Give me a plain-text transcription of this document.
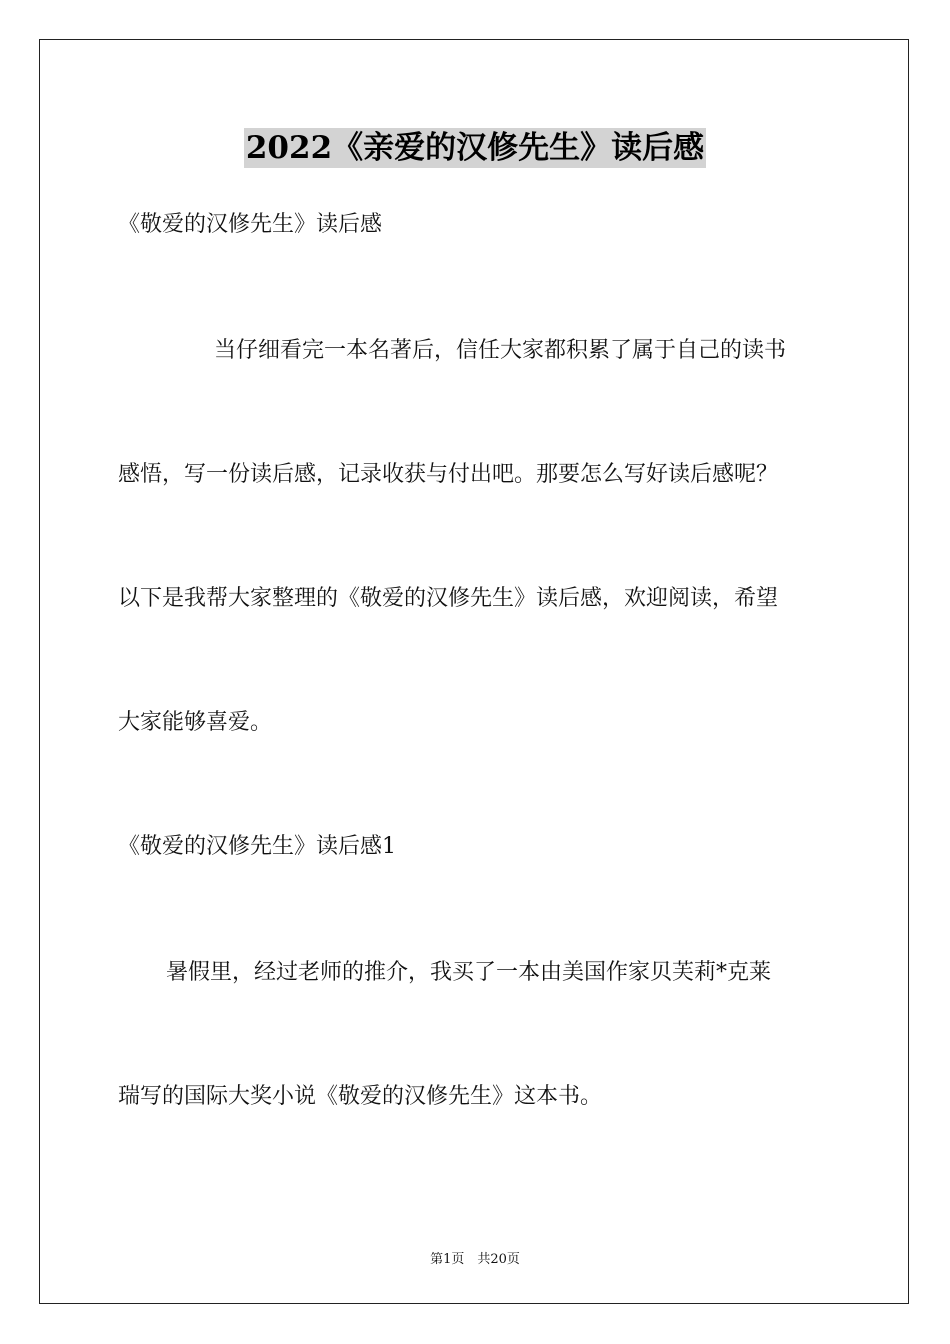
2022《亲爱的汉修先生》读后感
《敬爱的汉修先生》读后感
当仔细看完一本名著后，信任大家都积累了属于自己的读书
感悟，写一份读后感，记录收获与付出吧。那要怎么写好读后感呢？
以下是我帮大家整理的《敬爱的汉修先生》读后感，欢迎阅读，希望
大家能够喜爱。
《敬爱的汉修先生》读后感1
暑假里，经过老师的推介，我买了一本由美国作家贝芙莉*克莱
瑞写的国际大奖小说《敬爱的汉修先生》这本书。
第1页　共20页
